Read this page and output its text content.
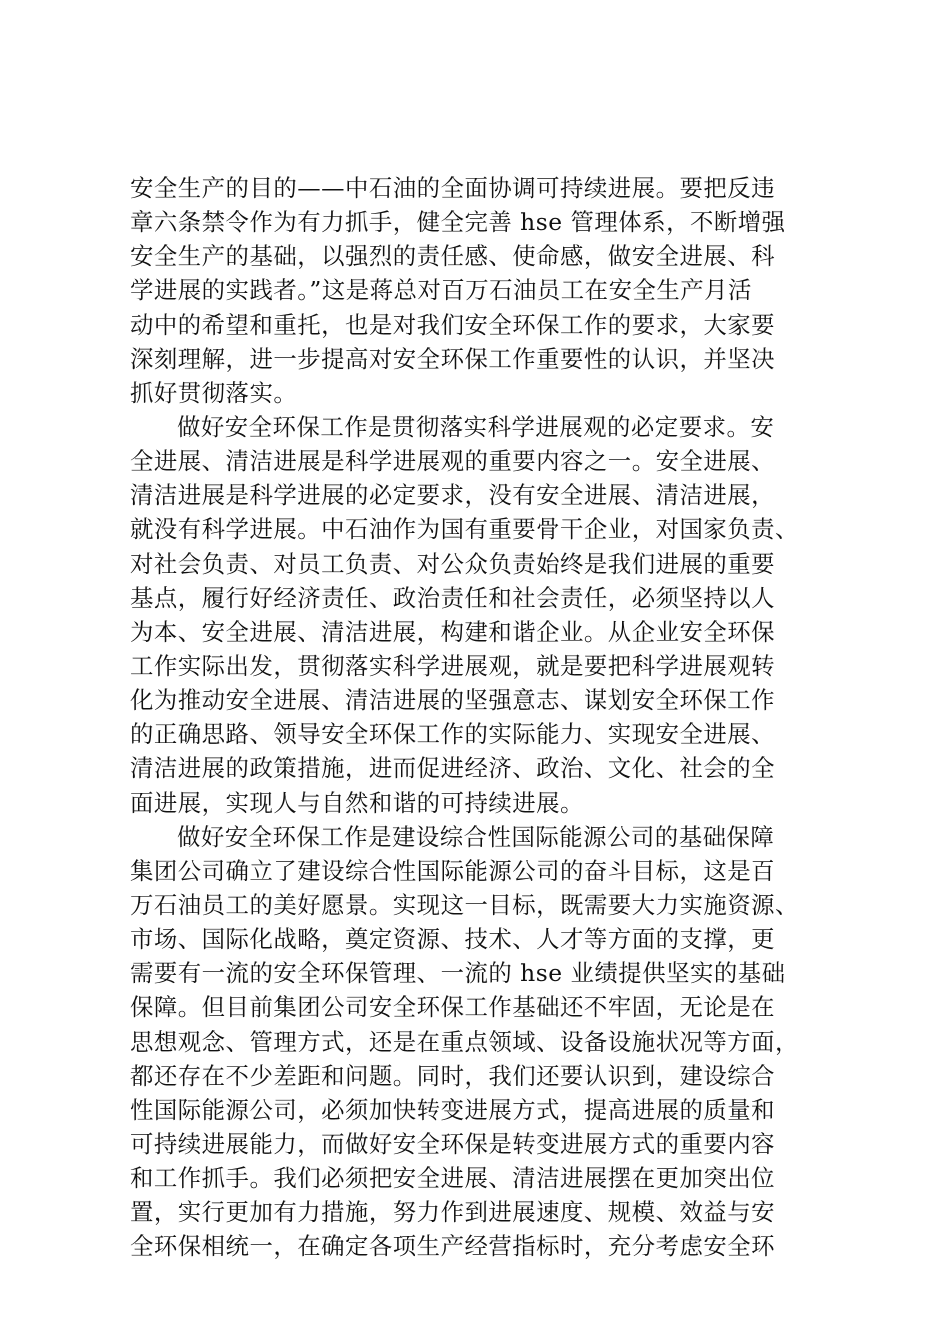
安全生产的目的——中石油的全面协调可持续进展。要把反违
章六条禁令作为有力抓手，健全完善 hse 管理体系，不断增强
安全生产的基础，以强烈的责任感、使命感，做安全进展、科
学进展的实践者。”这是蒋总对百万石油员工在安全生产月活
动中的希望和重托，也是对我们安全环保工作的要求，大家要
深刻理解，进一步提高对安全环保工作重要性的认识，并坚决
抓好贯彻落实。
做好安全环保工作是贯彻落实科学进展观的必定要求。安
全进展、清洁进展是科学进展观的重要内容之一。安全进展、
清洁进展是科学进展的必定要求，没有安全进展、清洁进展，
就没有科学进展。中石油作为国有重要骨干企业，对国家负责、
对社会负责、对员工负责、对公众负责始终是我们进展的重要
基点，履行好经济责任、政治责任和社会责任，必须坚持以人
为本、安全进展、清洁进展，构建和谐企业。从企业安全环保
工作实际出发，贯彻落实科学进展观，就是要把科学进展观转
化为推动安全进展、清洁进展的坚强意志、谋划安全环保工作
的正确思路、领导安全环保工作的实际能力、实现安全进展、
清洁进展的政策措施，进而促进经济、政治、文化、社会的全
面进展，实现人与自然和谐的可持续进展。
做好安全环保工作是建设综合性国际能源公司的基础保障
集团公司确立了建设综合性国际能源公司的奋斗目标，这是百
万石油员工的美好愿景。实现这一目标，既需要大力实施资源、
市场、国际化战略，奠定资源、技术、人才等方面的支撑，更
需要有一流的安全环保管理、一流的 hse 业绩提供坚实的基础
保障。但目前集团公司安全环保工作基础还不牢固，无论是在
思想观念、管理方式，还是在重点领域、设备设施状况等方面，
都还存在不少差距和问题。同时，我们还要认识到，建设综合
性国际能源公司，必须加快转变进展方式，提高进展的质量和
可持续进展能力，而做好安全环保是转变进展方式的重要内容
和工作抓手。我们必须把安全进展、清洁进展摆在更加突出位
置，实行更加有力措施，努力作到进展速度、规模、效益与安
全环保相统一，在确定各项生产经营指标时，充分考虑安全环
